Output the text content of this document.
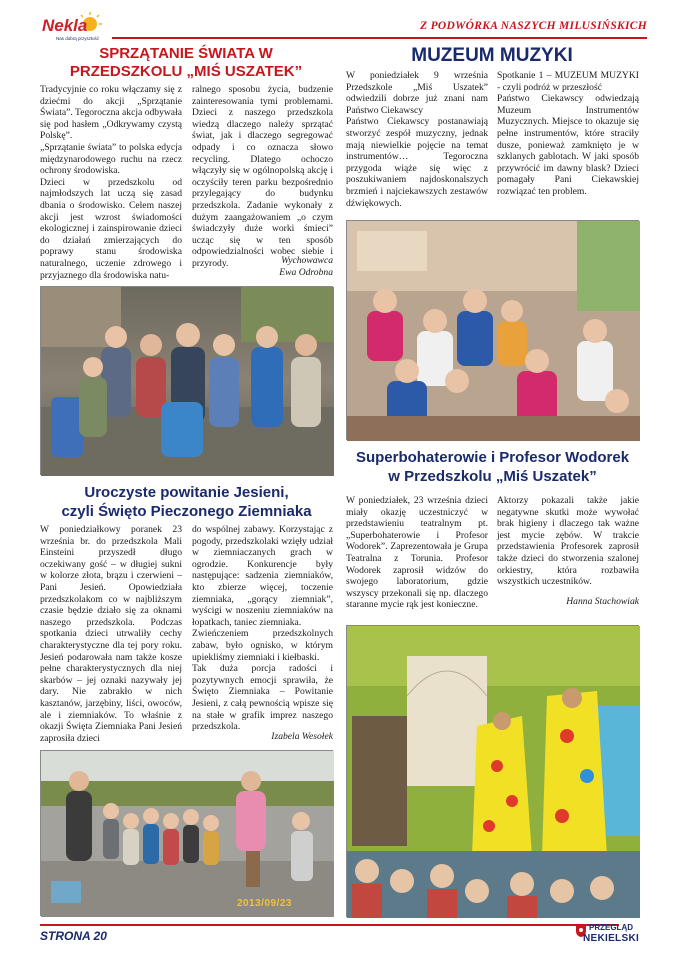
Nekla
Nas dobrą przyszłość
Z PODWÓRKA NASZYCH MILUSIŃSKICH
SPRZĄTANIE ŚWIATA W
PRZEDSZKOLU „MIŚ USZATEK”
Tradycyjnie co roku włączamy się z dziećmi do akcji „Sprzątanie Świata”. Tegoroczna akcja odbywała się pod hasłem „Odkrywamy czystą Polskę”.
„Sprzątanie świata” to polska edycja międzynarodowego ruchu na rzecz ochrony środowiska.
Dzieci w przedszkolu od najmłodszych lat uczą się zasad dbania o środowisko. Celem naszej akcji jest wzrost świadomości ekologicznej i zainspirowanie dzieci do działań zmierzających do poprawy stanu środowiska naturalnego, uczenie zdrowego i przyjaznego dla środowiska natu-
ralnego sposobu życia, budzenie zainteresowania tymi problemami. Dzieci z naszego przedszkola wiedzą dlaczego należy sprzątać świat, jak i dlaczego segregować odpady i co oznacza słowo recycling. Dlatego ochoczo włączyły się w ogólnopolską akcję i oczyściły teren parku bezpośrednio przylegający do budynku przedszkola. Zadanie wykonały z dużym zaangażowaniem „o czym świadczyły duże worki śmieci” ucząc się w ten sposób odpowiedzialności wobec siebie i przyrody.	Wychowawca
Ewa Odrobna
MUZEUM MUZYKI
W poniedziałek 9 września Przedszkole „Miś Uszatek” odwiedzili dobrze już znani nam Państwo Ciekawscy
Państwo Ciekawscy postanawiają stworzyć zespół muzyczny, jednak mają niewielkie pojęcie na temat instrumentów… Tegoroczna przygoda wiąże się więc z poszukiwaniem najdoskonalszych brzmień i najciekawszych zestawów dźwiękowych.
Spotkanie 1 – MUZEUM MUZYKI - czyli podróż w przeszłość
Państwo Ciekawscy odwiedzają Muzeum Instrumentów Muzycznych. Miejsce to okazuje się pełne instrumentów, które straciły dusze, ponieważ zamknięto je w szklanych gablotach. W jaki sposób przywrócić im dawny blask? Dzieci pomagały Pani Ciekawskiej rozwiązać ten problem.
Superbohaterowie i Profesor Wodorek
w Przedszkolu „Miś Uszatek”
W poniedziałek, 23 września dzieci miały okazję uczestniczyć w przedstawieniu teatralnym pt. „Superbohaterowie i Profesor Wodorek”. Zaprezentowała je Grupa Teatralna z Torunia. Profesor Wodorek zaprosił widzów do swojego laboratorium, gdzie wszyscy przekonali się np. dlaczego staranne mycie rąk jest konieczne.
Aktorzy pokazali także jakie negatywne skutki może wywołać brak higieny i dlaczego tak ważne jest mycie zębów. W trakcie przedstawienia Profesorek zaprosił także dzieci do stworzenia szalonej orkiestry, która rozbawiła wszystkich uczestników.
Hanna Stachowiak
Uroczyste powitanie Jesieni,
czyli Święto Pieczonego Ziemniaka
W poniedziałkowy poranek 23 września br. do przedszkola Mali Einsteini przyszedł długo oczekiwany gość – w długiej sukni w kolorze złota, brązu i czerwieni – Pani Jesień. Opowiedziała przedszkolakom co w najbliższym czasie będzie działo się za oknami naszego przedszkola. Podczas spotkania dzieci utrwaliły cechy charakterystyczne dla tej pory roku. Jesień podarowała nam także kosze pełne charakterystycznych dla niej skarbów – jej oznaki nazywały jej dary. Nie zabrakło w nich kasztanów, jarzębiny, liści, owoców, ale i ziemniaków. To właśnie z okazji Święta Ziemniaka Pani Jesień zaprosiła dzieci
do wspólnej zabawy. Korzystając z pogody, przedszkolaki wzięły udział w ziemniaczanych grach w ogrodzie. Konkurencje były następujące: sadzenia ziemniaków, kto zbierze więcej, toczenie ziemniaka, „gorący ziemniak”, wyścigi w noszeniu ziemniaków na łopatkach, taniec ziemniaka.
Zwieńczeniem przedszkolnych zabaw, było ognisko, w którym upiekliśmy ziemniaki i kiełbaski.
Tak duża porcja radości i pozytywnych emocji sprawiła, że Święto Ziemniaka – Powitanie Jesieni, z całą pewnością wpisze się na stałe w grafik imprez naszego przedszkola.
Izabela Wesołek
2013/09/23
STRONA 20
PRZEGLĄD
NEKIELSKI
